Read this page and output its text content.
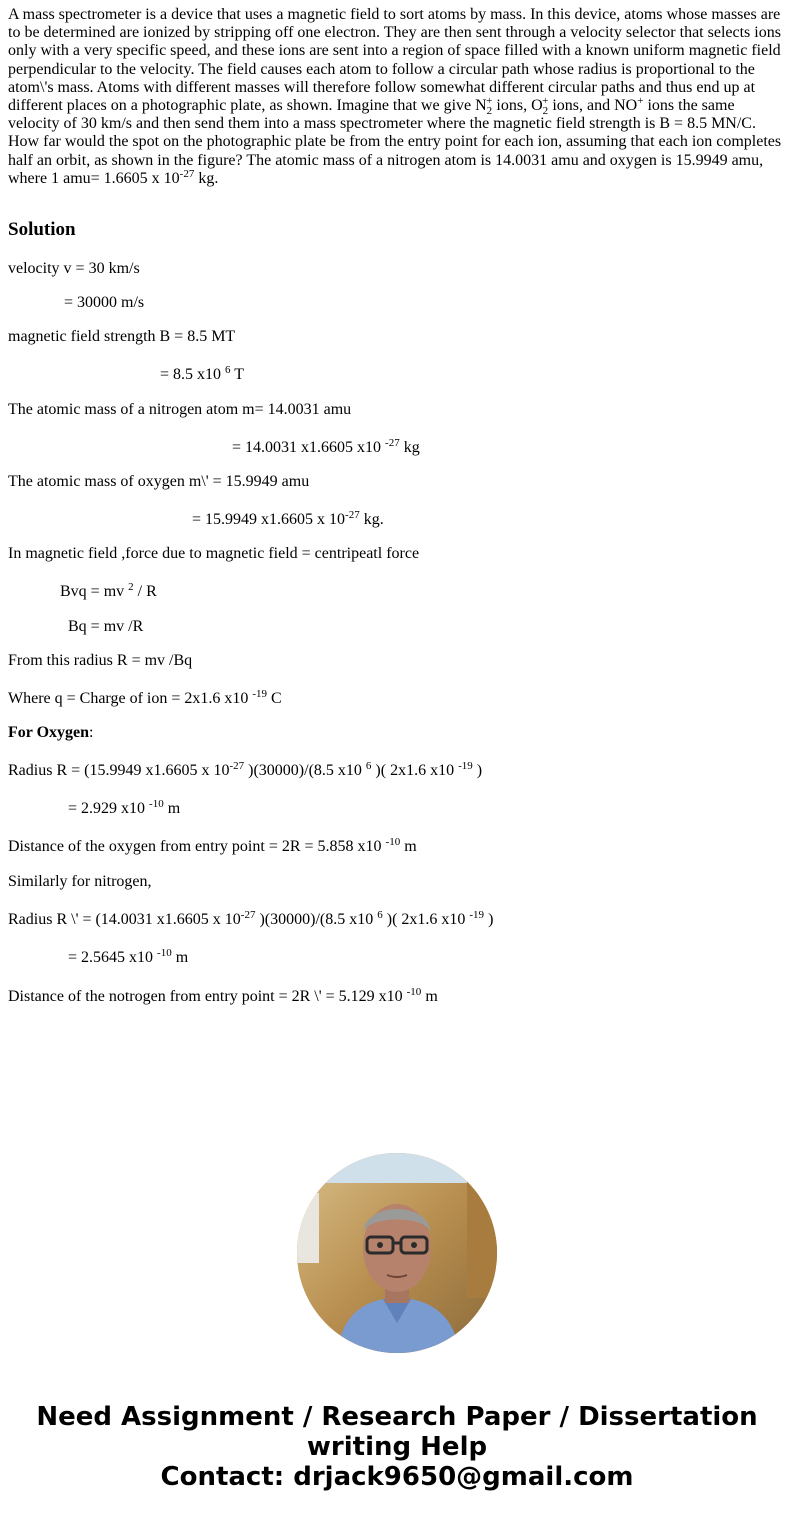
A mass spectrometer is a device that uses a magnetic field to sort atoms by mass. In this device, atoms whose masses are to be determined are ionized by stripping off one electron. They are then sent through a velocity selector that selects ions only with a very specific speed, and these ions are sent into a region of space filled with a known uniform magnetic field perpendicular to the velocity. The field causes each atom to follow a circular path whose radius is proportional to the atom\'s mass. Atoms with different masses will therefore follow somewhat different circular paths and thus end up at different places on a photographic plate, as shown. Imagine that we give $N_2^+$ ions, $O_2^+$ ions, and NO+ ions the same velocity of 30 km/s and then send them into a mass spectrometer where the magnetic field strength is B = 8.5 MN/C. How far would the spot on the photographic plate be from the entry point for each ion, assuming that each ion completes half an orbit, as shown in the figure? The atomic mass of a nitrogen atom is 14.0031 amu and oxygen is 15.9949 amu, where 1 amu= 1.6605 x $10^{-27}$ kg.

Solution

velocity v = 30 km/s

= 30000 m/s

magnetic field strength B = 8.5 MT

= 8.5 x10 $^6$ T

The atomic mass of a nitrogen atom m= 14.0031 amu

= 14.0031 x1.6605 x10 $^{-27}$ kg

The atomic mass of oxygen m\' = 15.9949 amu

= 15.9949 x1.6605 x $10^{-27}$ kg.

In magnetic field ,force due to magnetic field = centripeatl force

Bvq = mv $^2$ / R

Bq = mv /R

From this radius R = mv /Bq

Where q = Charge of ion = 2x1.6 x10 $^{-19}$ C

For Oxygen:

Radius R = (15.9949 x1.6605 x $10^{-27}$ )(30000)/(8.5 x10 $^6$ )( 2x1.6 x10 $^{-19}$ )

= 2.929 x10 $^{-10}$ m

Distance of the oxygen from entry point = 2R = 5.858 x10 $^{-10}$ m

Similarly for nitrogen,

Radius R \' = (14.0031 x1.6605 x $10^{-27}$ )(30000)/(8.5 x10 $^6$ )( 2x1.6 x10 $^{-19}$ )

= 2.5645 x10 $^{-10}$ m

Distance of the notrogen from entry point = 2R \' = 5.129 x10 $^{-10}$ m

Need Assignment / Research Paper / Dissertation
writing Help
Contact: drjack9650@gmail.com
